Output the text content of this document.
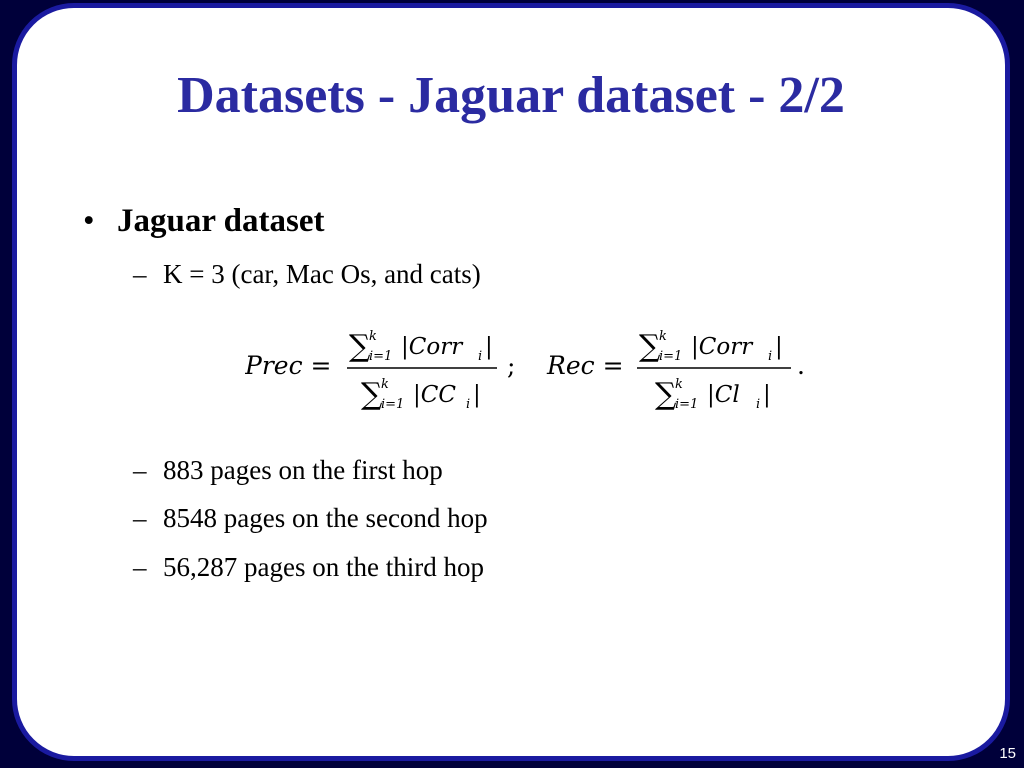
Datasets - Jaguar dataset - 2/2
• Jaguar dataset
– K = 3 (car, Mac Os, and cats)
Prec =
∑
k
i=1 |Corr i |
∑
k
i=1 |CC i |
; Rec =
∑
k
i=1 |Corr i |
∑
k
i=1 |Cl i |
.
– 883 pages on the first hop
– 8548 pages on the second hop
– 56,287 pages on the third hop
15
